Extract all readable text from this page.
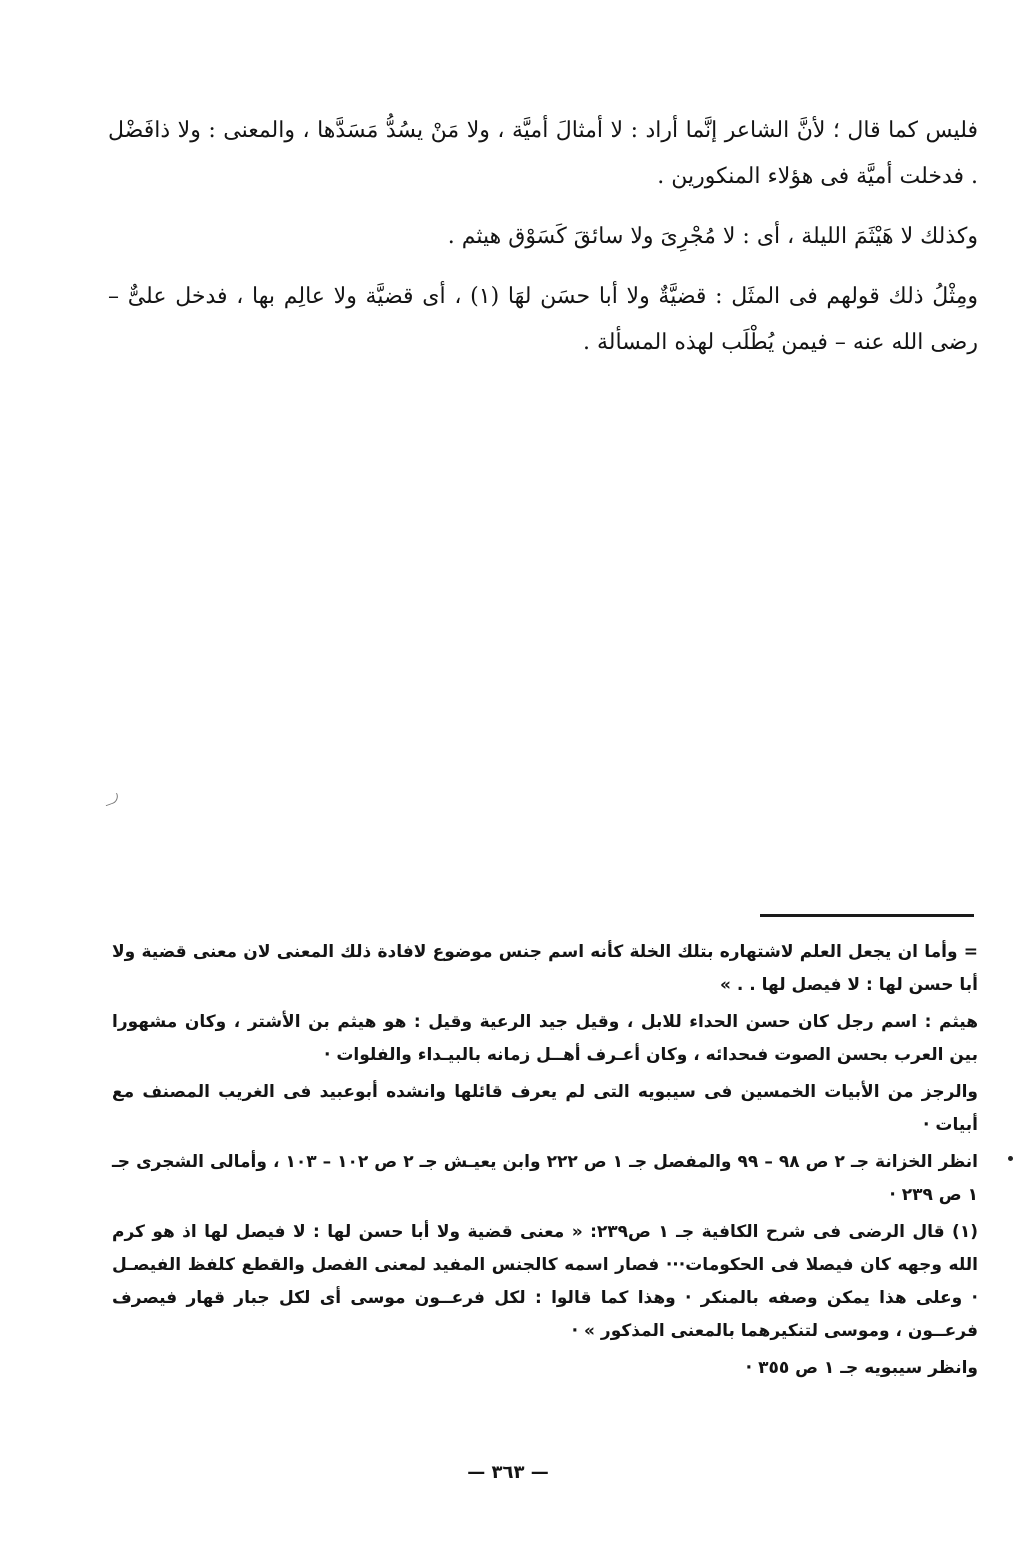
فليس كما قال ؛ لأنَّ الشاعر إنَّما أراد : لا أمثالَ أميَّة ، ولا مَنْ يسُدُّ مَسَدَّها ، والمعنى : ولا ذافَضْل . فدخلت أميَّة فى هؤلاء المنكورين .

وكذلك لا هَيْثَمَ الليلة ، أى : لا مُجْرِىَ ولا سائقَ كَسَوْق هيثم .

ومِثْلُ ذلك قولهم فى المثَل : قضيَّةٌ ولا أبا حسَن لهَا (١) ، أى قضيَّة ولا عالِم بها ، فدخل علىٌّ – رضى الله عنه – فيمن يُطْلَب لهذه المسألة .

= وأما ان يجعل العلم لاشتهاره بتلك الخلة كأنه اسم جنس موضوع لافادة ذلك المعنى لان معنى قضية ولا أبا حسن لها : لا فيصل لها . . »

هيثم : اسم رجل كان حسن الحداء للابل ، وقيل جيد الرعية وقيل : هو هيثم بن الأشتر ، وكان مشهورا بين العرب بحسن الصوت فىحدائه ، وكان أعـرف أهــل زمانه بالبيـداء والفلوات ·

والرجز من الأبيات الخمسين فى سيبويه التى لم يعرف قائلها وانشده أبوعبيد فى الغريب المصنف مع أبيات ·

انظر الخزانة جـ ٢ ص ٩٨ – ٩٩ والمفصل جـ ١ ص ٢٢٢ وابن يعيـش جـ ٢ ص ١٠٢ – ١٠٣ ، وأمالى الشجرى جـ ١ ص ٢٣٩ ·

(١) قال الرضى فى شرح الكافية جـ ١ ص٢٣٩: « معنى قضية ولا أبا حسن لها : لا فيصل لها اذ هو كرم الله وجهه كان فيصلا فى الحكومات··· فصار اسمه كالجنس المفيد لمعنى الفصل والقطع كلفظ الفيصـل · وعلى هذا يمكن وصفه بالمنكر · وهذا كما قالوا : لكل فرعــون موسى أى لكل جبار قهار فيصرف فرعــون ، وموسى لتنكيرهما بالمعنى المذكور » ·

وانظر سيبويه جـ ١ ص ٣٥٥ ·

— ٣٦٣ —
